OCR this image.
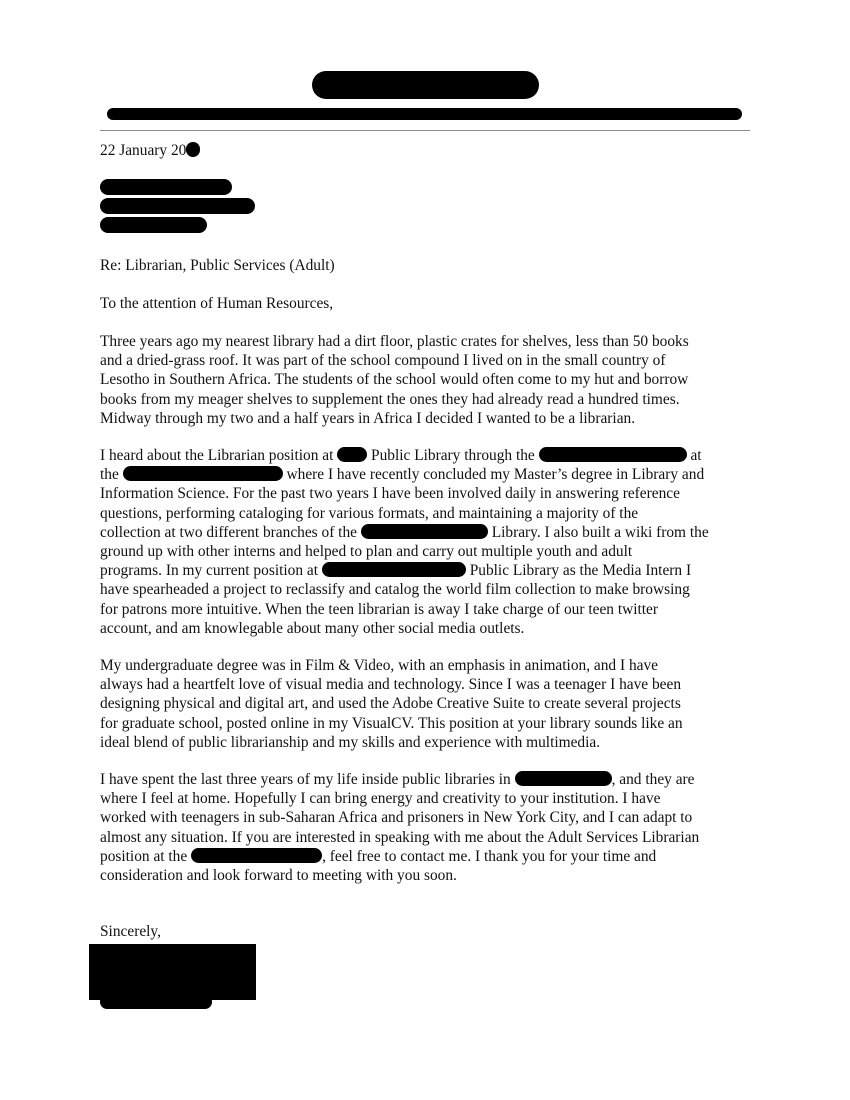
22 January 20

Re: Librarian, Public Services (Adult)

To the attention of Human Resources,

Three years ago my nearest library had a dirt floor, plastic crates for shelves, less than 50 books
and a dried-grass roof. It was part of the school compound I lived on in the small country of
Lesotho in Southern Africa. The students of the school would often come to my hut and borrow
books from my meager shelves to supplement the ones they had already read a hundred times.
Midway through my two and a half years in Africa I decided I wanted to be a librarian.
I heard about the Librarian position at  Public Library through the	at
the	where I have recently concluded my Master’s degree in Library and
Information Science. For the past two years I have been involved daily in answering reference
questions, performing cataloging for various formats, and maintaining a majority of the
collection at two different branches of the	Library. I also built a wiki from the
ground up with other interns and helped to plan and carry out multiple youth and adult
programs. In my current position at	Public Library as the Media Intern I
have spearheaded a project to reclassify and catalog the world film collection to make browsing
for patrons more intuitive. When the teen librarian is away I take charge of our teen twitter
account, and am knowlegable about many other social media outlets.
My undergraduate degree was in Film & Video, with an emphasis in animation, and I have
always had a heartfelt love of visual media and technology. Since I was a teenager I have been
designing physical and digital art, and used the Adobe Creative Suite to create several projects
for graduate school, posted online in my VisualCV. This position at your library sounds like an
ideal blend of public librarianship and my skills and experience with multimedia.
I have spent the last three years of my life inside public libraries in	, and they are
where I feel at home. Hopefully I can bring energy and creativity to your institution. I have
worked with teenagers in sub-Saharan Africa and prisoners in New York City, and I can adapt to
almost any situation. If you are interested in speaking with me about the Adult Services Librarian
position at the	, feel free to contact me. I thank you for your time and
consideration and look forward to meeting with you soon.

Sincerely,
